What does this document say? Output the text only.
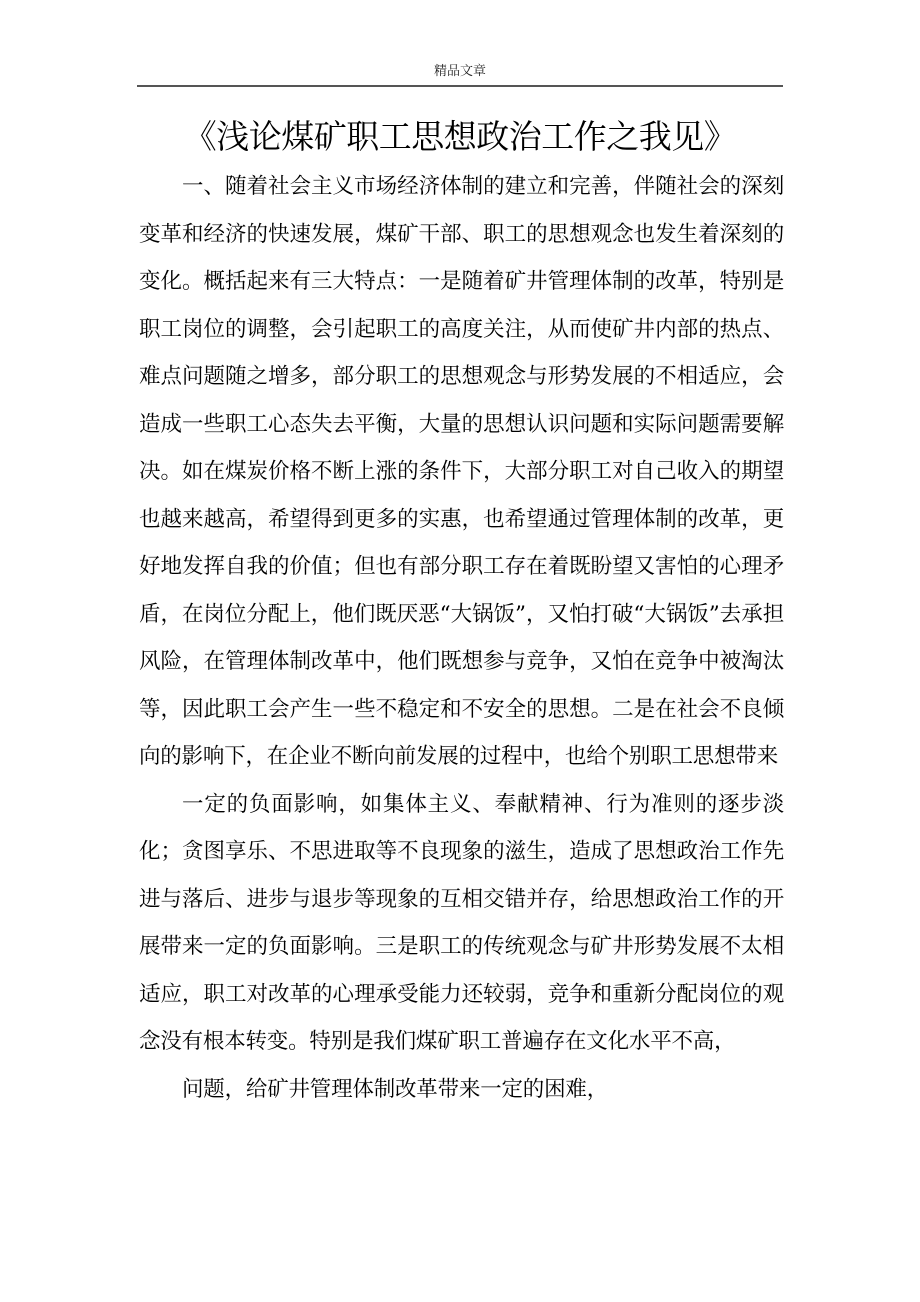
精品文章
《浅论煤矿职工思想政治工作之我见》

一、随着社会主义市场经济体制的建立和完善，伴随社会的深刻变革和经济的快速发展，煤矿干部、职工的思想观念也发生着深刻的变化。概括起来有三大特点：一是随着矿井管理体制的改革，特别是职工岗位的调整，会引起职工的高度关注，从而使矿井内部的热点、难点问题随之增多，部分职工的思想观念与形势发展的不相适应，会造成一些职工心态失去平衡，大量的思想认识问题和实际问题需要解决。如在煤炭价格不断上涨的条件下，大部分职工对自己收入的期望也越来越高，希望得到更多的实惠，也希望通过管理体制的改革，更好地发挥自我的价值；但也有部分职工存在着既盼望又害怕的心理矛盾，在岗位分配上，他们既厌恶“大锅饭”，又怕打破“大锅饭”去承担风险，在管理体制改革中，他们既想参与竞争，又怕在竞争中被淘汰等，因此职工会产生一些不稳定和不安全的思想。二是在社会不良倾向的影响下，在企业不断向前发展的过程中，也给个别职工思想带来

一定的负面影响，如集体主义、奉献精神、行为准则的逐步淡化；贪图享乐、不思进取等不良现象的滋生，造成了思想政治工作先进与落后、进步与退步等现象的互相交错并存，给思想政治工作的开展带来一定的负面影响。三是职工的传统观念与矿井形势发展不太相适应，职工对改革的心理承受能力还较弱，竞争和重新分配岗位的观念没有根本转变。特别是我们煤矿职工普遍存在文化水平不高，

问题，给矿井管理体制改革带来一定的困难，
